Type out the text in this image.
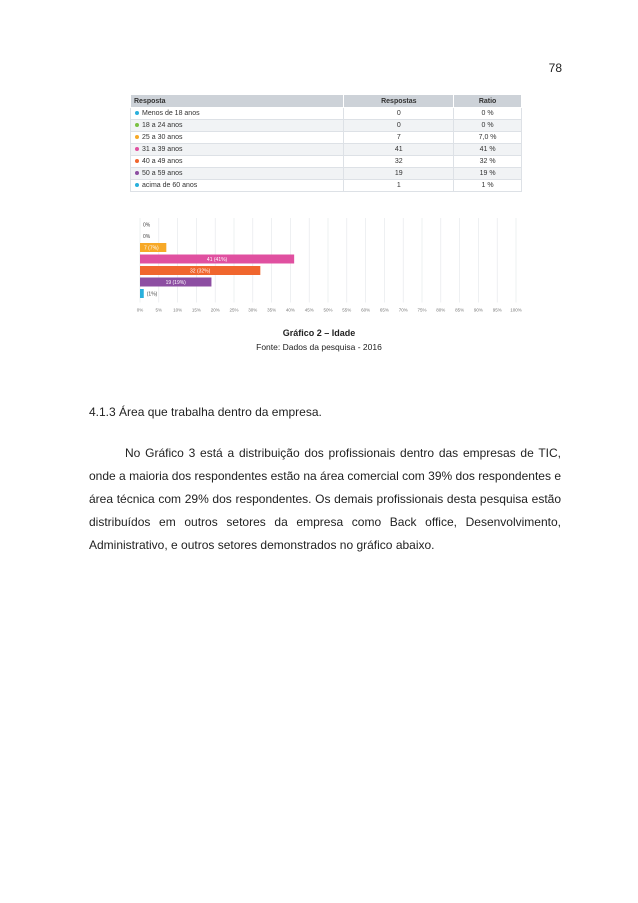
78
Resposta	Respostas	Ratio
Menos de 18 anos	0	0 %
18 a 24 anos	0	0 %
25 a 30 anos	7	7,0 %
31 a 39 anos	41	41 %
40 a 49 anos	32	32 %
50 a 59 anos	19	19 %
acima de 60 anos	1	1 %
0%	5% 10% 15% 20% 25% 30% 35% 40% 45% 50% 55% 60% 65% 70% 75% 80% 85% 90% 95% 100%
0%
0%
7 (7%)
41 (41%)
32 (32%)
19 (19%)
(1%)
Gráfico 2 – Idade
Fonte: Dados da pesquisa - 2016
4.1.3 Área que trabalha dentro da empresa.

No Gráfico 3 está a distribuição dos profissionais dentro das empresas de TIC, onde a maioria dos respondentes estão na área comercial com 39% dos respondentes e área técnica com 29% dos respondentes. Os demais profissionais desta pesquisa estão distribuídos em outros setores da empresa como Back office, Desenvolvimento, Administrativo, e outros setores demonstrados no gráfico abaixo.
